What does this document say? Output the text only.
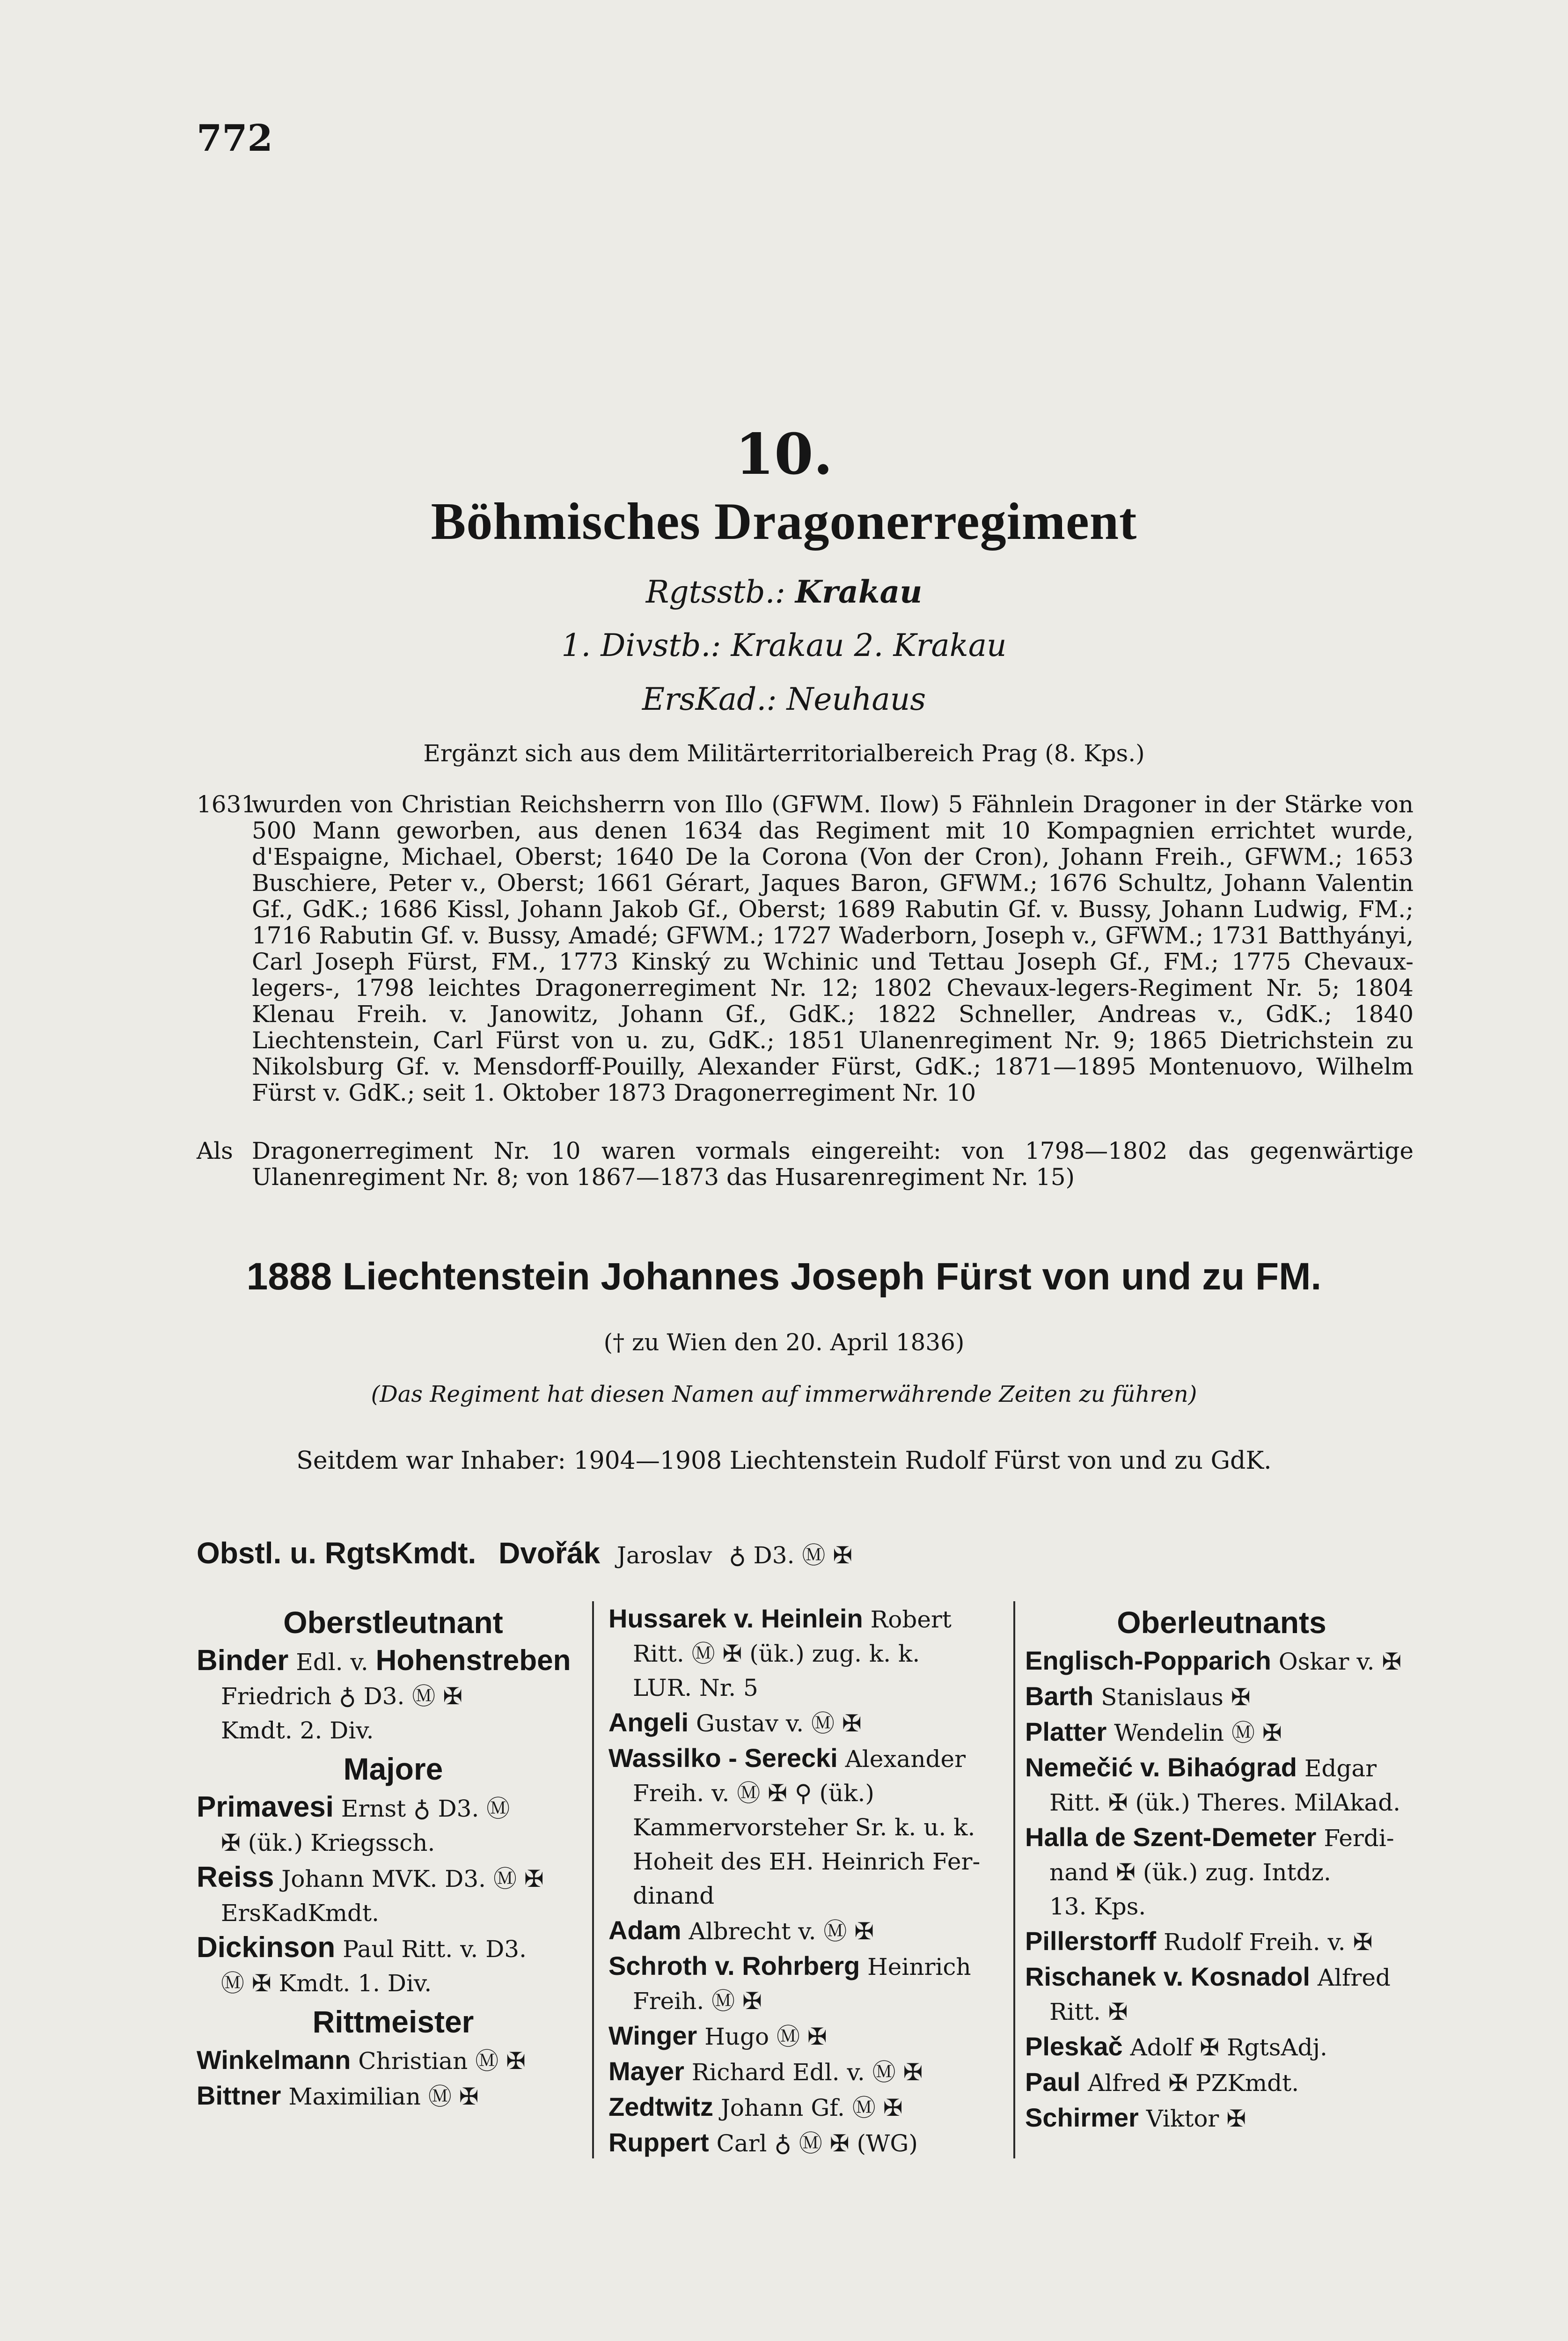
772
10.
Böhmisches Dragonerregiment
Rgtsstb.: Krakau
1. Divstb.: Krakau 2. Krakau
ErsKad.: Neuhaus
Ergänzt sich aus dem Militärterritorialbereich Prag (8. Kps.)
1631
wurden von Christian Reichsherrn von Illo (GFWM. Ilow) 5 Fähnlein Dragoner in der Stärke von 500 Mann geworben, aus denen 1634 das Regiment mit 10 Kompagnien errichtet wurde, d'Espaigne, Michael, Oberst; 1640 De la Corona (Von der Cron), Johann Freih., GFWM.; 1653 Buschiere, Peter v., Oberst; 1661 Gérart, Jaques Baron, GFWM.; 1676 Schultz, Johann Valentin Gf., GdK.; 1686 Kissl, Johann Jakob Gf., Oberst; 1689 Rabutin Gf. v. Bussy, Johann Ludwig, FM.; 1716 Rabutin Gf. v. Bussy, Amadé; GFWM.; 1727 Waderborn, Joseph v., GFWM.; 1731 Batthyányi, Carl Joseph Fürst, FM., 1773 Kinský zu Wchinic und Tettau Joseph Gf., FM.; 1775 Chevaux-legers-, 1798 leichtes Dragonerregiment Nr. 12; 1802 Chevaux-legers-Regiment Nr. 5; 1804 Klenau Freih. v. Janowitz, Johann Gf., GdK.; 1822 Schneller, Andreas v., GdK.; 1840 Liechtenstein, Carl Fürst von u. zu, GdK.; 1851 Ulanenregiment Nr. 9; 1865 Dietrichstein zu Nikolsburg Gf. v. Mensdorff-Pouilly, Alexander Fürst, GdK.; 1871—1895 Montenuovo, Wilhelm Fürst v. GdK.; seit 1. Oktober 1873 Dragonerregiment Nr. 10
Als Dragonerregiment Nr. 10 waren vormals eingereiht: von 1798—1802 das gegenwärtige Ulanenregiment Nr. 8; von 1867—1873 das Husarenregiment Nr. 15)
1888 Liechtenstein Johannes Joseph Fürst von und zu FM.
(† zu Wien den 20. April 1836)
(Das Regiment hat diesen Namen auf immerwährende Zeiten zu führen)
Seitdem war Inhaber: 1904—1908 Liechtenstein Rudolf Fürst von und zu GdK.
Obstl. u. RgtsKmdt. Dvořák Jaroslav ♁ D3. Ⓜ ✠
Oberstleutnant
Binder Edl. v. Hohenstreben
Friedrich ♁ D3. Ⓜ ✠
Kmdt. 2. Div.
Majore
Primavesi Ernst ♁ D3. Ⓜ
✠ (ük.) Kriegssch.
Reiss Johann MVK. D3. Ⓜ ✠
ErsKadKmdt.
Dickinson Paul Ritt. v. D3.
Ⓜ ✠ Kmdt. 1. Div.
Rittmeister
Winkelmann Christian Ⓜ ✠
Bittner Maximilian Ⓜ ✠
Hussarek v. Heinlein Robert
Ritt. Ⓜ ✠ (ük.) zug. k. k.
LUR. Nr. 5
Angeli Gustav v. Ⓜ ✠
Wassilko - Serecki Alexander
Freih. v. Ⓜ ✠ ⚲ (ük.)
Kammervorsteher Sr. k. u. k.
Hoheit des EH. Heinrich Fer-
dinand
Adam Albrecht v. Ⓜ ✠
Schroth v. Rohrberg Heinrich
Freih. Ⓜ ✠
Winger Hugo Ⓜ ✠
Mayer Richard Edl. v. Ⓜ ✠
Zedtwitz Johann Gf. Ⓜ ✠
Ruppert Carl ♁ Ⓜ ✠ (WG)
Oberleutnants
Englisch-Popparich Oskar v. ✠
Barth Stanislaus ✠
Platter Wendelin Ⓜ ✠
Nemečić v. Bihaógrad Edgar
Ritt. ✠ (ük.) Theres. MilAkad.
Halla de Szent-Demeter Ferdi-
nand ✠ (ük.) zug. Intdz.
13. Kps.
Pillerstorff Rudolf Freih. v. ✠
Rischanek v. Kosnadol Alfred
Ritt. ✠
Pleskač Adolf ✠ RgtsAdj.
Paul Alfred ✠ PZKmdt.
Schirmer Viktor ✠
